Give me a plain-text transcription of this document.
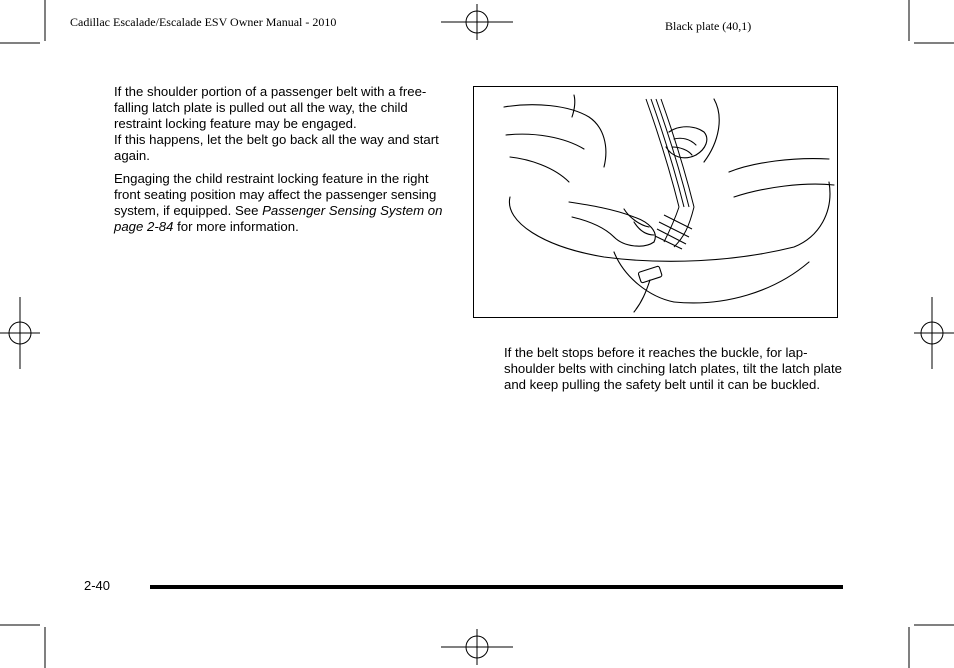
Cadillac Escalade/Escalade ESV Owner Manual - 2010	Black plate (40,1)

If the shoulder portion of a passenger belt with a free-falling latch plate is pulled out all the way, the child restraint locking feature may be engaged.
If this happens, let the belt go back all the way and start again.

Engaging the child restraint locking feature in the right front seating position may affect the passenger sensing system, if equipped. See Passenger Sensing System on page 2-84 for more information.

If the belt stops before it reaches the buckle, for lap-shoulder belts with cinching latch plates, tilt the latch plate and keep pulling the safety belt until it can be buckled.

2-40
